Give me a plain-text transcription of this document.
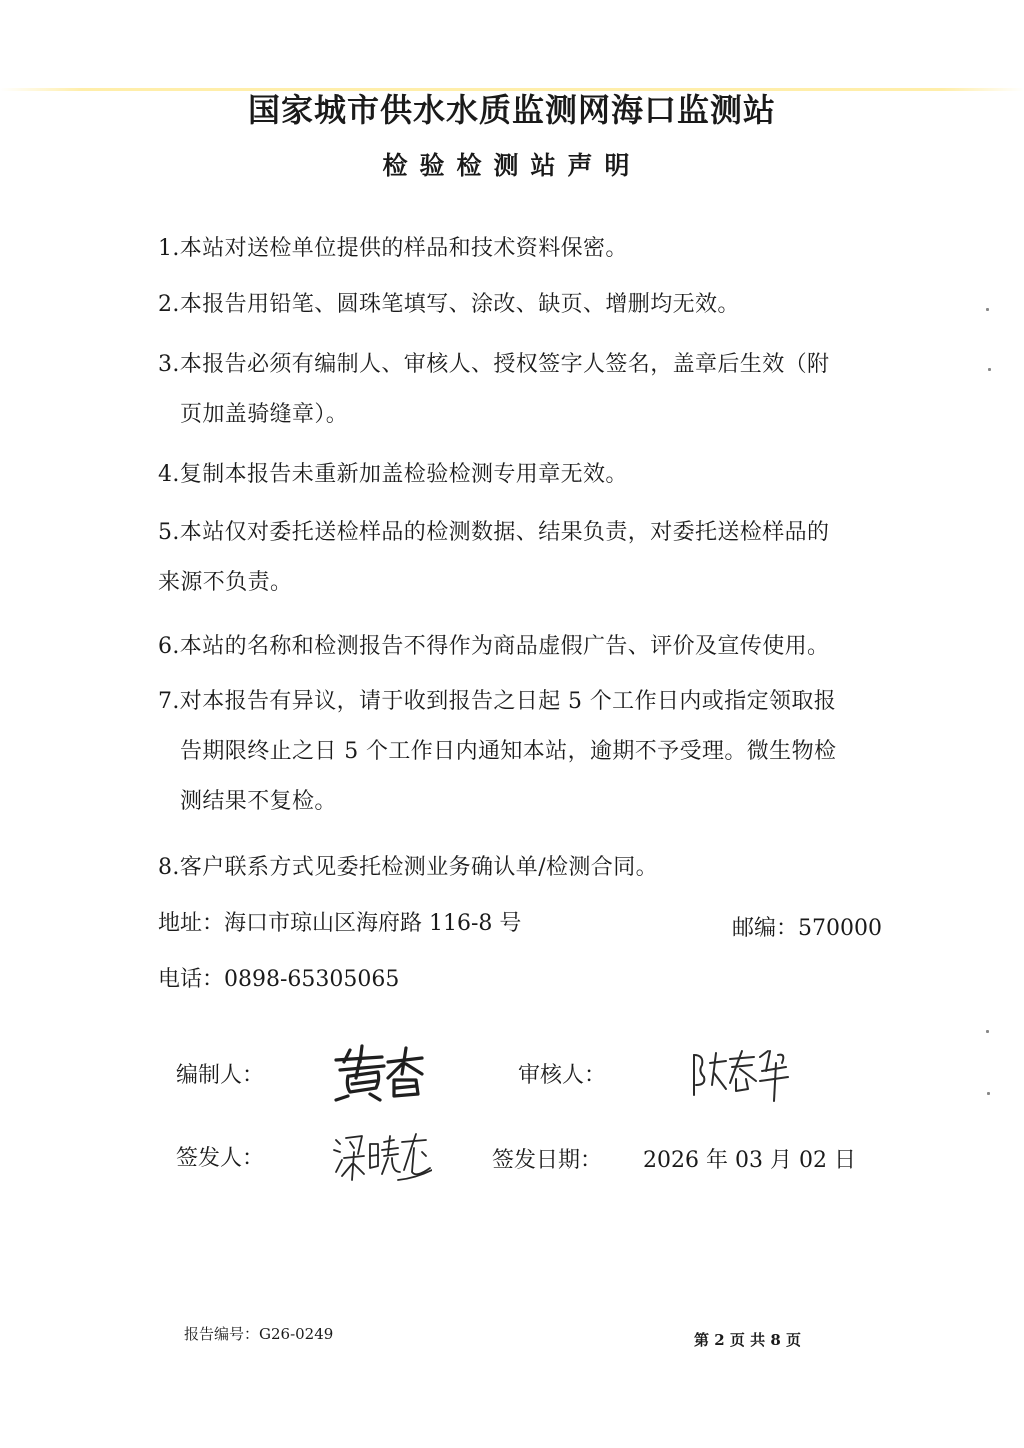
国家城市供水水质监测网海口监测站
检验检测站声明

1.本站对送检单位提供的样品和技术资料保密。

2.本报告用铅笔、圆珠笔填写、涂改、缺页、增删均无效。

3.本报告必须有编制人、审核人、授权签字人签名，盖章后生效（附
页加盖骑缝章）。

4.复制本报告未重新加盖检验检测专用章无效。

5.本站仅对委托送检样品的检测数据、结果负责，对委托送检样品的
来源不负责。

6.本站的名称和检测报告不得作为商品虚假广告、评价及宣传使用。

7.对本报告有异议，请于收到报告之日起 5 个工作日内或指定领取报
告期限终止之日 5 个工作日内通知本站，逾期不予受理。微生物检
测结果不复检。

8.客户联系方式见委托检测业务确认单/检测合同。

地址：海口市琼山区海府路 116-8 号	邮编：570000
电话：0898-65305065
编制人：	审核人：
签发人：	签发日期： 2026 年 03 月 02 日
报告编号：G26-0249	第 2 页 共 8 页
